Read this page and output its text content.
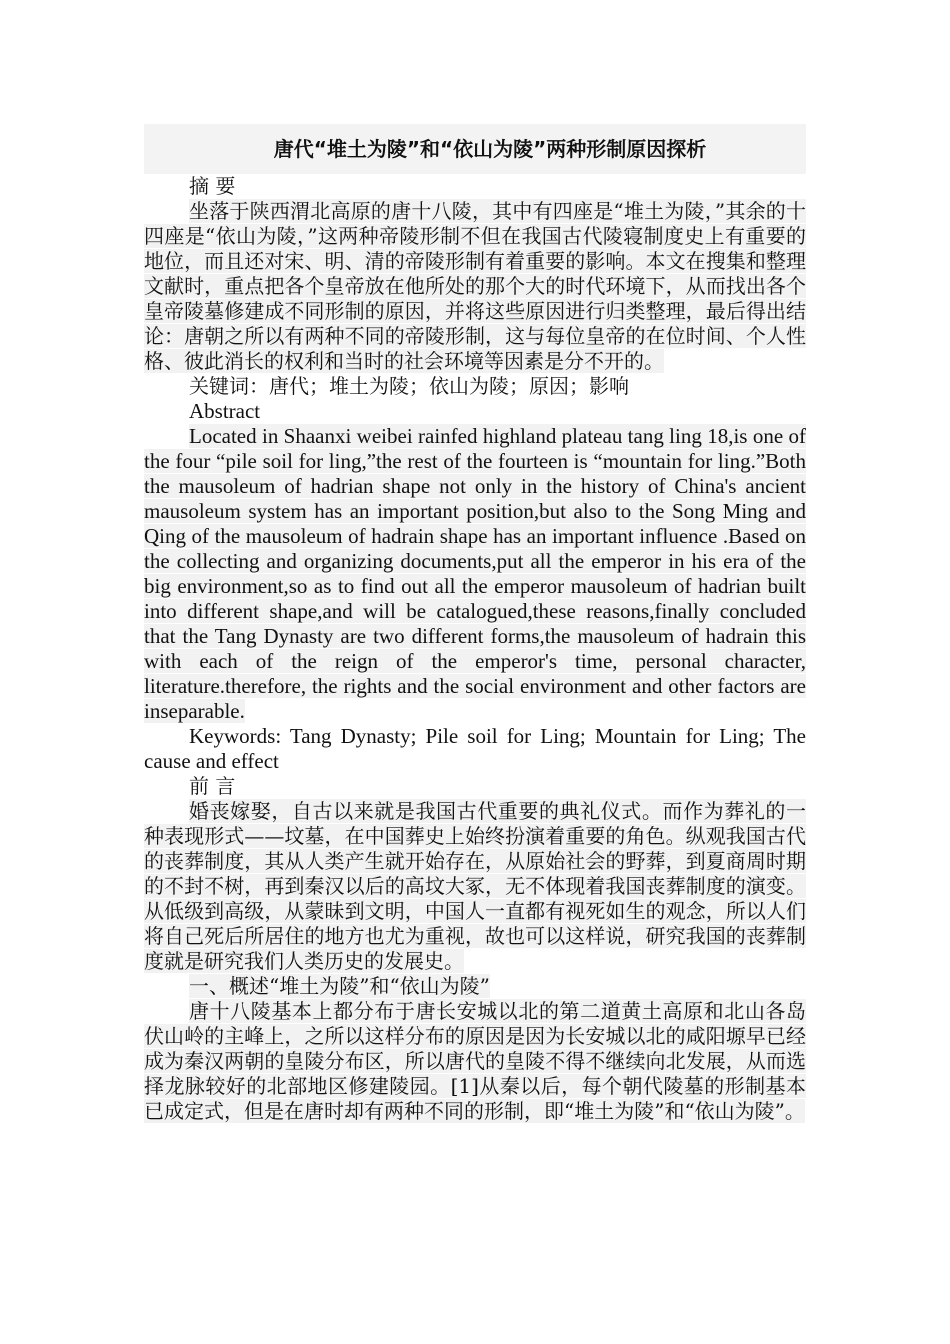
唐代“堆土为陵”和“依山为陵”两种形制原因探析

摘 要

坐落于陕西渭北高原的唐十八陵，其中有四座是“堆土为陵，”其余的十四座是“依山为陵，”这两种帝陵形制不但在我国古代陵寝制度史上有重要的地位，而且还对宋、明、清的帝陵形制有着重要的影响。本文在搜集和整理文献时，重点把各个皇帝放在他所处的那个大的时代环境下，从而找出各个皇帝陵墓修建成不同形制的原因，并将这些原因进行归类整理，最后得出结论：唐朝之所以有两种不同的帝陵形制，这与每位皇帝的在位时间、个人性格、彼此消长的权利和当时的社会环境等因素是分不开的。

关键词：唐代；堆土为陵；依山为陵；原因；影响

Abstract

Located in Shaanxi weibei rainfed highland plateau tang ling 18,is one of the four “pile soil for ling,”the rest of the fourteen is “mountain for ling.”Both the mausoleum of hadrian shape not only in the history of China's ancient mausoleum system has an important position,but also to the Song Ming and Qing of the mausoleum of hadrain shape has an important influence .Based on the collecting and organizing documents,put all the emperor in his era of the big environment,so as to find out all the emperor mausoleum of hadrian built into different shape,and will be catalogued,these reasons,finally concluded that the Tang Dynasty are two different forms,the mausoleum of hadrain this with each of the reign of the emperor's time, personal character, literature.therefore, the rights and the social environment and other factors are inseparable.

Keywords: Tang Dynasty; Pile soil for Ling; Mountain for Ling; The cause and effect

前 言

婚丧嫁娶，自古以来就是我国古代重要的典礼仪式。而作为葬礼的一种表现形式——坟墓，在中国葬史上始终扮演着重要的角色。纵观我国古代的丧葬制度，其从人类产生就开始存在，从原始社会的野葬，到夏商周时期的不封不树，再到秦汉以后的高坟大冢，无不体现着我国丧葬制度的演变。从低级到高级，从蒙昧到文明，中国人一直都有视死如生的观念，所以人们将自己死后所居住的地方也尤为重视，故也可以这样说，研究我国的丧葬制度就是研究我们人类历史的发展史。

一、概述“堆土为陵”和“依山为陵”

唐十八陵基本上都分布于唐长安城以北的第二道黄土高原和北山各岛伏山岭的主峰上，之所以这样分布的原因是因为长安城以北的咸阳塬早已经成为秦汉两朝的皇陵分布区，所以唐代的皇陵不得不继续向北发展，从而选择龙脉较好的北部地区修建陵园。[1]从秦以后，每个朝代陵墓的形制基本已成定式，但是在唐时却有两种不同的形制，即“堆土为陵”和“依山为陵”。
